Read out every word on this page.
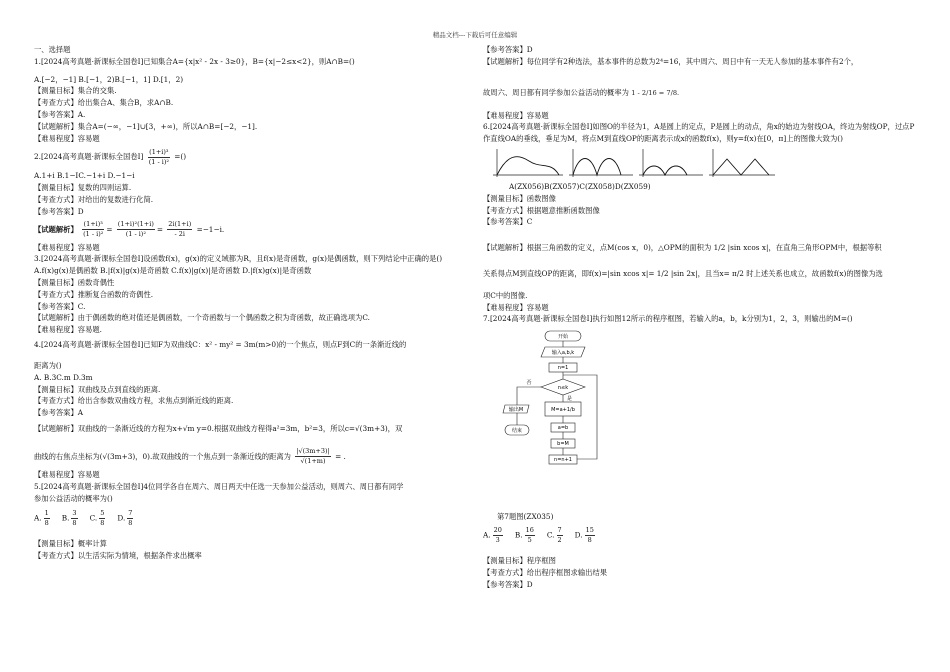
精品文档---下载后可任意编辑
一、选择题
1.[2024高考真题·新课标全国卷Ⅰ]已知集合A={x|x² - 2x - 3≥0}，B={x|−2≤x<2}，则A∩B=()
A.[−2，−1] B.[−1，2)B.[−1，1] D.[1，2)
【测量目标】集合的交集.
【考查方式】给出集合A、集合B，求A∩B.
【参考答案】A.
【试题解析】集合A=(−∞，−1]∪[3，+∞)，所以A∩B=[−2，−1].
【难易程度】容易题
2.[2024高考真题·新课标全国卷Ⅰ] $\frac{\text{(1+i)³}}{\text{(1 - i)²}}$ =()
A.1+i B.1−IC.−1+i D.−1−i
【测量目标】复数的四则运算.
【考查方式】对给出的复数进行化简.
【参考答案】D
【试题解析】 $\frac{\text{(1+i)³}}{\text{(1 - i)²}} = \frac{\text{(1+i)²(1+i)}}{\text{(1 - i)²}} = \frac{2i(1+i)}{- 2i} =-1-i$.
【难易程度】容易题
3.[2024高考真题·新课标全国卷Ⅰ]设函数f(x)，g(x)的定义域都为R，且f(x)是奇函数，g(x)是偶函数，则下列结论中正确的是()
A.f(x)g(x)是偶函数 B.|f(x)|g(x)是奇函数 C.f(x)|g(x)|是奇函数 D.|f(x)g(x)|是奇函数
【测量目标】函数奇偶性
【考查方式】推断复合函数的奇偶性.
【参考答案】C.
【试题解析】由于偶函数的绝对值还是偶函数，一个奇函数与一个偶函数之积为奇函数，故正确选项为C.
【难易程度】容易题.
4.[2024高考真题·新课标全国卷Ⅰ]已知F为双曲线C：x² - my² = 3m(m>0)的一个焦点，则点F到C的一条渐近线的
距离为()
A. B.3C.m D.3m
【测量目标】双曲线及点到直线的距离.
【考查方式】给出含参数双曲线方程，求焦点到渐近线的距离.
【参考答案】A
【试题解析】双曲线的一条渐近线的方程为x+√m y=0.根据双曲线方程得a²=3m，b²=3，所以c=√(3m+3)，双
曲线的右焦点坐标为(√(3m+3)，0).故双曲线的一个焦点到一条渐近线的距离为 $\frac{|√(3m+3)|}{√(1+m)}$ = .
【难易程度】容易题
5.[2024高考真题·新课标全国卷Ⅰ]4位同学各自在周六、周日两天中任选一天参加公益活动，则周六、周日都有同学
参加公益活动的概率为()
A. $\frac{1}{8} B$. $\frac{3}{8} C$. $\frac{5}{8} D$. $\frac{7}{8}$
【测量目标】概率计算
【考查方式】以生活实际为情境，根据条件求出概率
【参考答案】D
【试题解析】每位同学有2种选法，基本事件的总数为2⁴=16，其中周六、周日中有一天无人参加的基本事件有2个，
故周六、周日都有同学参加公益活动的概率为 1 - 2/16 = 7/8.
【难易程度】容易题
6.[2024高考真题·新课标全国卷Ⅰ]如图O的半径为1，A是圆上的定点，P是圆上的动点，角x的始边为射线OA，终边为射线OP，过点P作直线OA的垂线，垂足为M，将点M到直线OP的距离表示成x的函数f(x)，则y=f(x)在[0，π]上的图像大致为()
A(ZX056)B(ZX057)C(ZX058)D(ZX059)
【测量目标】函数图像
【考查方式】根据题意推断函数图像
【参考答案】C
【试题解析】根据三角函数的定义，点M(cos x，0)，△OPM的面积为 1/2 |sin xcos x|，在直角三角形OPM中，根据等积
关系得点M到直线OP的距离，即f(x)=|sin xcos x|= 1/2 |sin 2x|，且当x= π/2 时上述关系也成立，故函数f(x)的图像为选
项C中的图像.
【难易程度】容易题
7.[2024高考真题·新课标全国卷Ⅰ]执行如图12所示的程序框图，若输入的a，b，k分别为1，2，3，则输出的M=()
开始
输入a,b,k
n=1
n≤k
否
是
M=a+1/b
a=b
b=M
n=n+1
输出M
结束
第7题图(ZX035)
A. $\frac{20}{3} B$. $\frac{16}{5} C$. $\frac{7}{2} D$. $\frac{15}{8}$
【测量目标】程序框图
【考查方式】给出程序框图求输出结果
【参考答案】D
